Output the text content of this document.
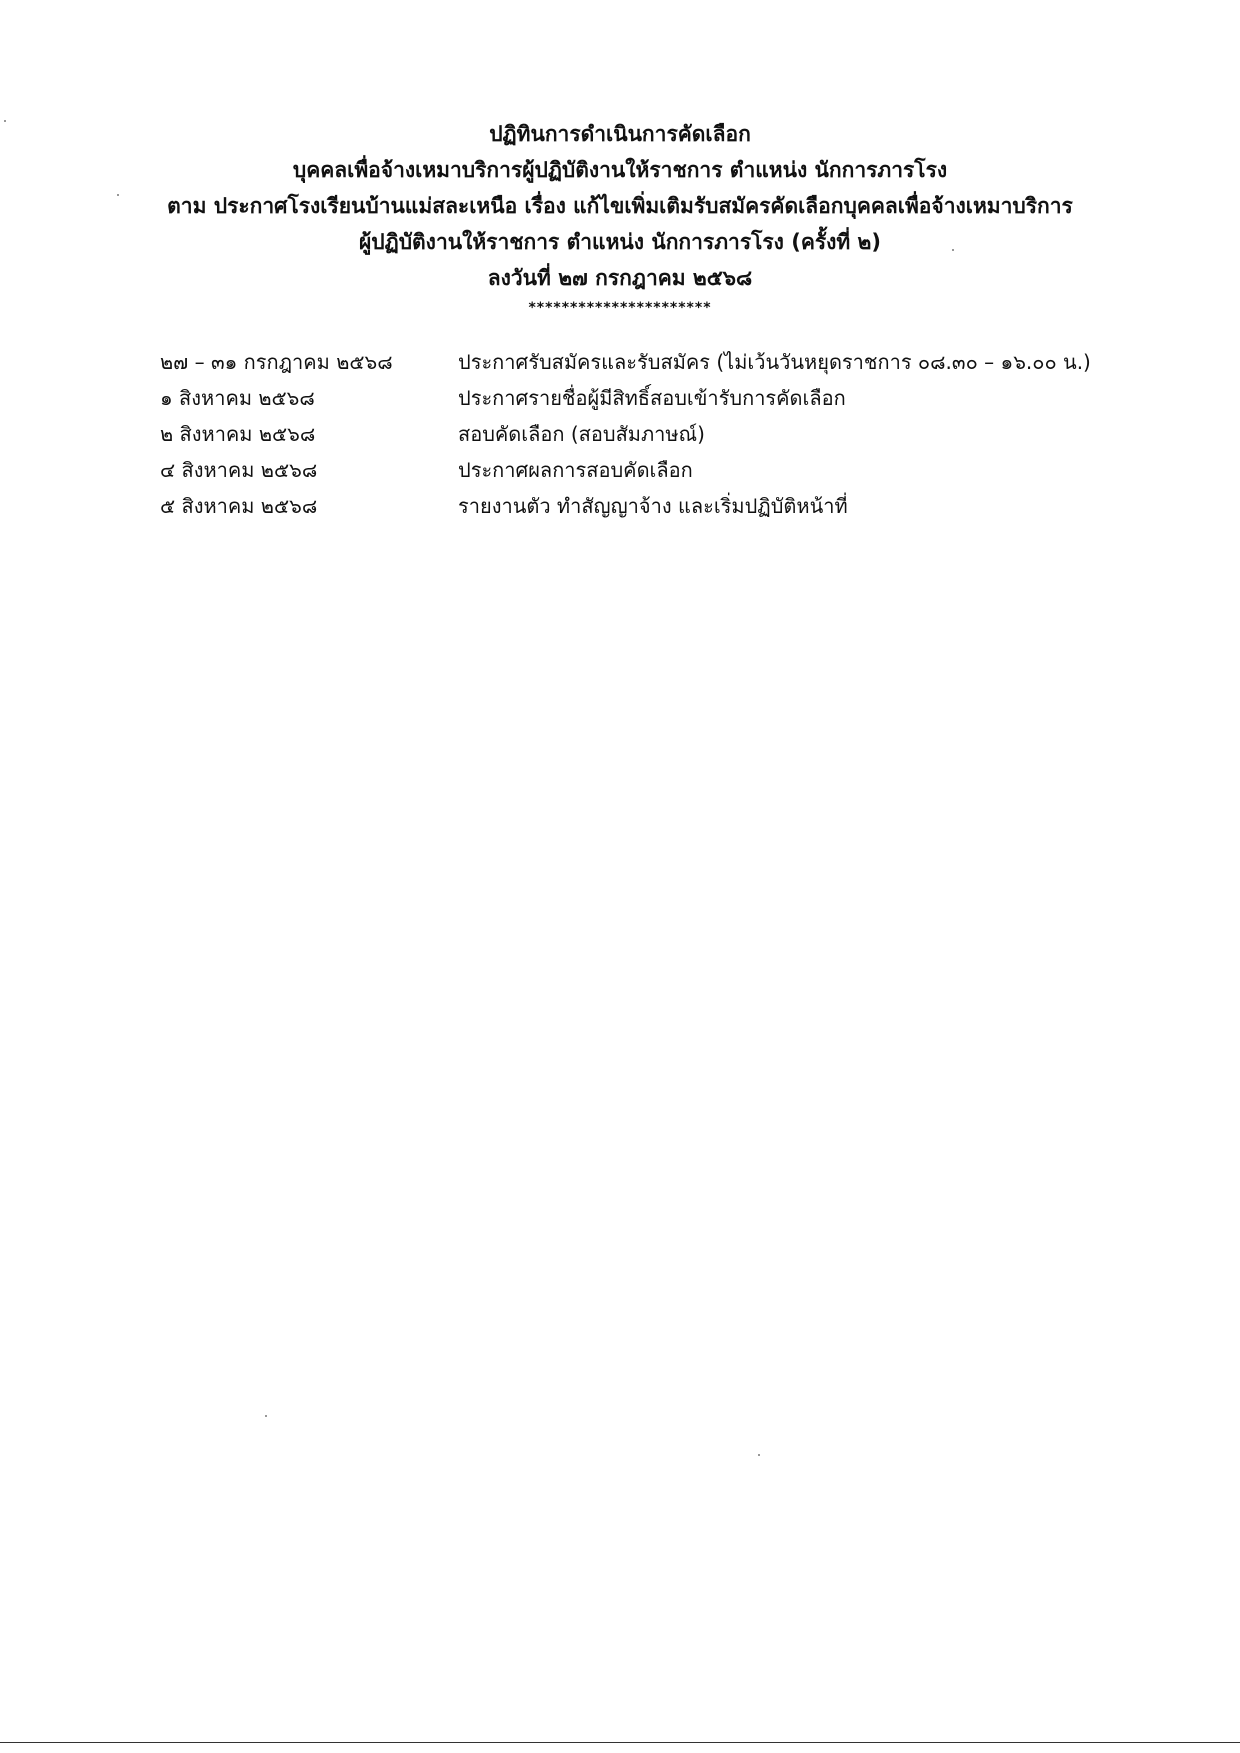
ปฏิทินการดำเนินการคัดเลือก
บุคคลเพื่อจ้างเหมาบริการผู้ปฏิบัติงานให้ราชการ ตำแหน่ง นักการภารโรง
ตาม ประกาศโรงเรียนบ้านแม่สละเหนือ เรื่อง แก้ไขเพิ่มเติมรับสมัครคัดเลือกบุคคลเพื่อจ้างเหมาบริการ
ผู้ปฏิบัติงานให้ราชการ ตำแหน่ง นักการภารโรง (ครั้งที่ ๒)
ลงวันที่ ๒๗ กรกฎาคม ๒๕๖๘
**********************
๒๗ – ๓๑ กรกฎาคม ๒๕๖๘	ประกาศรับสมัครและรับสมัคร (ไม่เว้นวันหยุดราชการ ๐๘.๓๐ – ๑๖.๐๐ น.)
๑ สิงหาคม ๒๕๖๘	ประกาศรายชื่อผู้มีสิทธิ์สอบเข้ารับการคัดเลือก
๒ สิงหาคม ๒๕๖๘	สอบคัดเลือก (สอบสัมภาษณ์)
๔ สิงหาคม ๒๕๖๘	ประกาศผลการสอบคัดเลือก
๕ สิงหาคม ๒๕๖๘	รายงานตัว ทำสัญญาจ้าง และเริ่มปฏิบัติหน้าที่
